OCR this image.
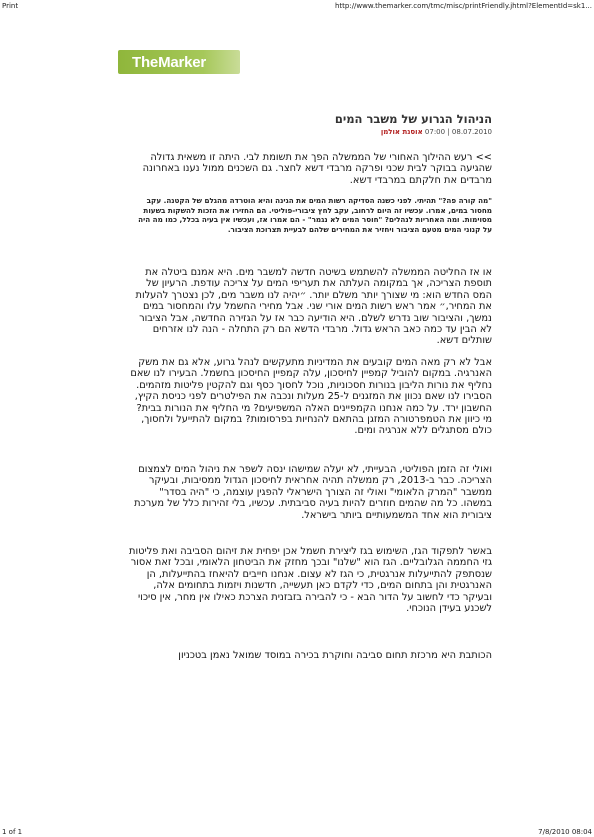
Print	http://www.themarker.com/tmc/misc/printFriendly.jhtml?ElementId=sk1...
TheMarker
הניהול הגרוע של משבר המים
08.07.2010 | 07:00 אוסנת אולמן
>> רעש ההילוך האחורי של הממשלה הפך את תשומת לבי. היתה זו משאית גדולה שהגיעה בבוקר לבית שכני ופרקה מרבדי דשא לחצר. גם השכנים ממול נענו באחרונה מרבדים את חלקתם במרבדי דשא.
"מה קורה פה?" תהיתי. לפני כשנה הסדיקה רשות המים את הגינה והיא הוטרדה מהגלם של הקטנה. עקב מחסור במים, אמרו. עכשיו זה היום לרחוב, עקב לחץ ציבורי-פוליטי. הם החזירו את הזכות להשקות בשעות מסוימות. ומה האחריות לנהלים? "חוסר המים לא נגמר" - הם אמרו אז, ועכשיו אין בעיה בכלל, כמו מה היה על קנוני המים מטעם הציבור ויחזיר את המחירים שלהם לבעיית תצרוכת הציבור.
או אז החליטה הממשלה להשתמש בשיטה חדשה למשבר מים. היא אמנם ביטלה את תוספת הצריכה, אך במקומה העלתה את תעריפי המים על צריכה עודפת. הרעיון של המס החדש הוא: מי שצורך יותר משלם יותר. ״יהיה לנו משבר מים, לכן נצטרך להעלות את המחיר,״ אמר ראש רשות המים אורי שני. אבל מחירי החשמל עלו והמחסור במים נמשך, והציבור שוב נדרש לשלם. היא הודיעה כבר אז על הגזירה החדשה, אבל הציבור לא הבין עד כמה כאב הראש גדול. מרבדי הדשא הם רק התחלה - הנה לנו אזרחים שותלים דשא.
אבל לא רק מאה המים קובעים את המדיניות מתעקשים לנהל גרוע, אלא גם את משק האנרגיה. במקום להוביל קמפיין לחיסכון, עלה קמפיין החיסכון בחשמל. הבעירו לנו שאם נחליף את נורות הליבון בנורות חסכוניות, נוכל לחסוך כסף וגם להקטין פליטות מזהמים. הסבירו לנו שאם נכוון את המזגנים ל-25 מעלות ונכבה את הפילטרים לפני כניסת הקיץ, החשבון ירד. על כמה אנחנו הקמפיינים האלה המשפיעים? מי החליף את הנורות בבית? מי כיוון את הטמפרטורה המזגן בהתאם להנחיות בפרסומות? במקום להתייעל ולחסוך, כולם מסתגלים ללא אנרגיה ומים.
ואולי זה הזמן הפוליטי, הבעייתי, לא יעלה שמישהו ינסה לשפר את ניהול המים לצמצום הצריכה. כבר ב-2013, רק ממשלה תהיה אחראית לחיסכון הגדול ממסיבות, ובעיקר ממשבר "המרק הלאומי" ואולי זה הצורך הישראלי להפגין עוצמה, כי "היה בסדר" במשהו. כל מה שהמים חוזרים להיות בעיה סביבתית. עכשיו, בלי זהירות כלל של מערכת ציבורית הוא אחד המשמעותיים ביותר בישראל.
באשר לתפקוד הגז, השימוש בגז ליצירת חשמל אכן יפחית את זיהום הסביבה ואת פליטות גזי החממה הגלובליים. הגז הוא "שלנו" ובכך מחזק את הביטחון הלאומי, ובכל זאת אסור שנסתפק להתייעלות אנרגטית, כי הגז לא עצום. אנחנו חייבים להיאחז בהתייעלות, הן האנרגטית והן בתחום המים, כדי לקדם כאן תעשייה, חדשנות ויזמות בתחומים אלה, ובעיקר כדי לחשוב על הדור הבא - כי להבירה בזבזנית הצרכת כאילו אין מחר, אין סיכוי לשכנע בעידן הנוכחי.
הכותבת היא מרכזת תחום סביבה וחוקרת בכירה במוסד שמואל נאמן בטכניון
1 of 1	7/8/2010 08:04
